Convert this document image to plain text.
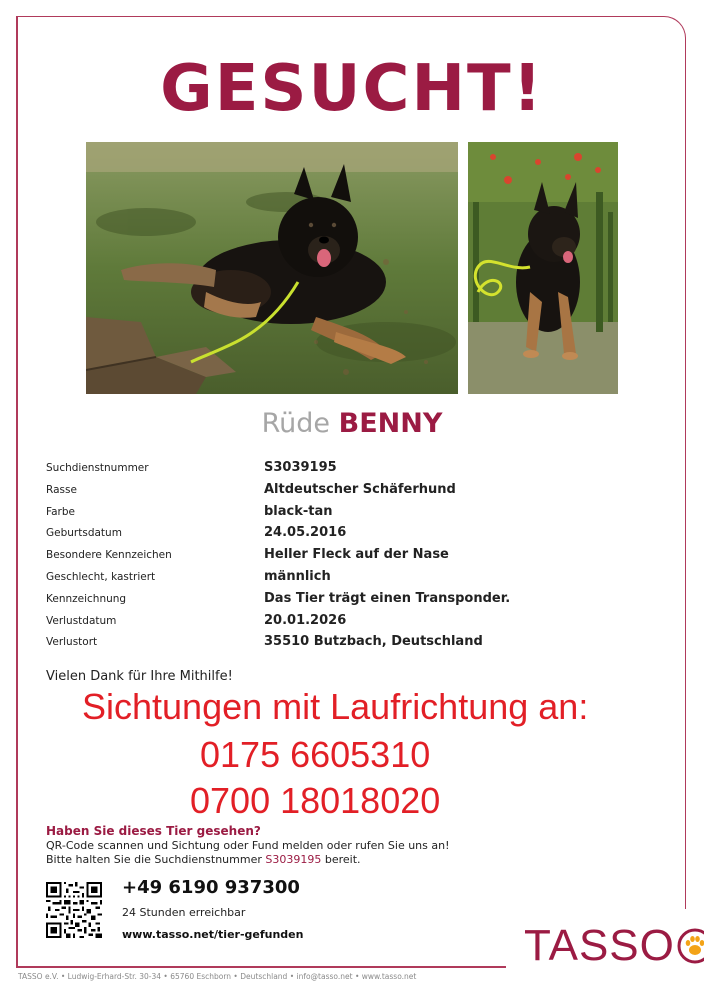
GESUCHT!
Rüde BENNY
Suchdienstnummer	S3039195
Rasse	Altdeutscher Schäferhund
Farbe	black-tan
Geburtsdatum	24.05.2016
Besondere Kennzeichen	Heller Fleck auf der Nase
Geschlecht, kastriert	männlich
Kennzeichnung	Das Tier trägt einen Transponder.
Verlustdatum	20.01.2026
Verlustort	35510 Butzbach, Deutschland
Vielen Dank für Ihre Mithilfe!
Sichtungen mit Laufrichtung an:
0175 6605310
0700 18018020
Haben Sie dieses Tier gesehen?
QR-Code scannen und Sichtung oder Fund melden oder rufen Sie uns an!
Bitte halten Sie die Suchdienstnummer S3039195 bereit.
+49 6190 937300
24 Stunden erreichbar
www.tasso.net/tier-gefunden	TASSO
TASSO e.V. • Ludwig-Erhard-Str. 30-34 • 65760 Eschborn • Deutschland • info@tasso.net • www.tasso.net
